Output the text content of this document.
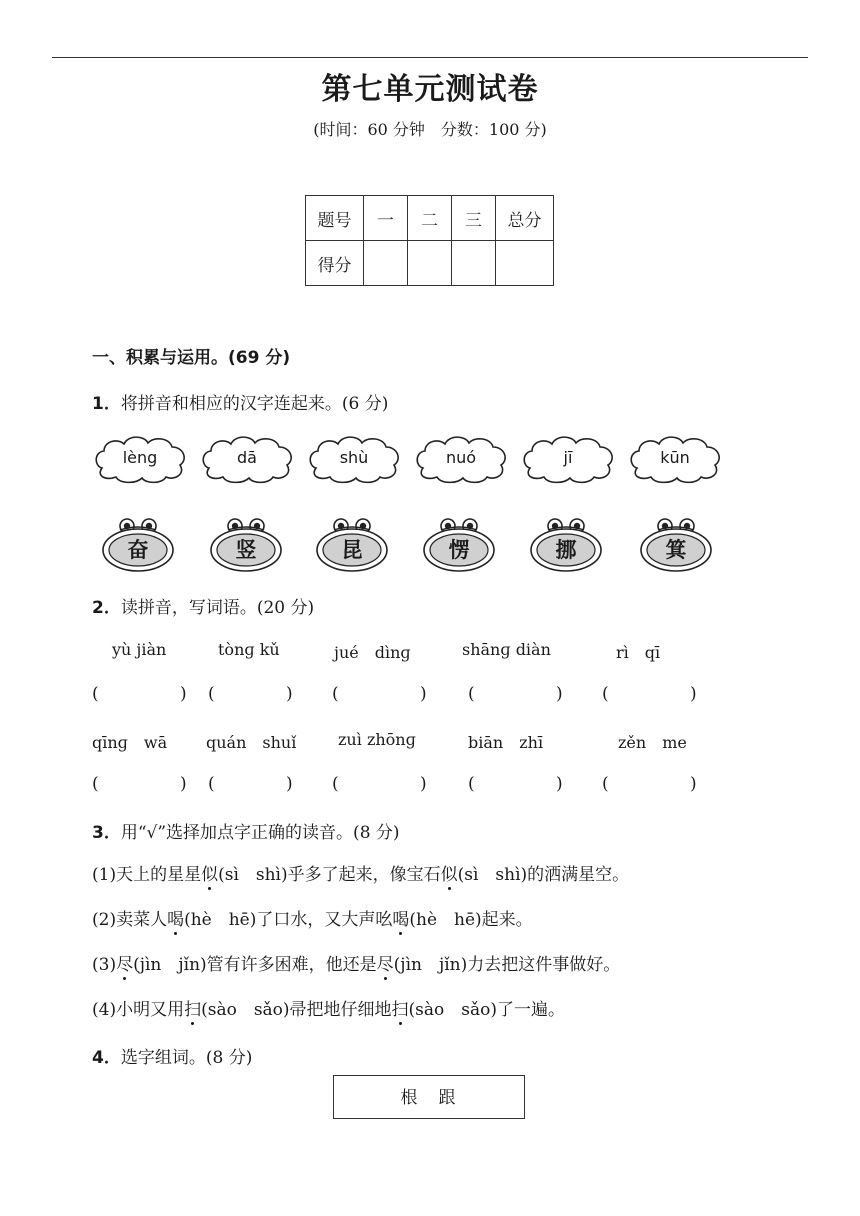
第七单元测试卷
(时间：60 分钟　分数：100 分)
题号	一	二	三	总分
得分				
一、积累与运用。(69 分)
1．将拼音和相应的汉字连起来。(6 分)
lèng	dā	shù	nuó	jī	kūn
奋	竖	昆	愣	挪	箕
2．读拼音，写词语。(20 分)
yù jiàn	tònɡ kǔ	jué　dìnɡ	shānɡ diàn	rì　qī
(	) (	) (	) (	) (	)
qīnɡ　wā quán　shuǐ	zuì zhōnɡ	biān　zhī	zěn　me
(	) (	) (	) (	) (	)
3．用“√”选择加点字正确的读音。(8 分)
(1)天上的星星似(sì　shì)乎多了起来，像宝石似(sì　shì)的洒满星空。
(2)卖菜人喝(hè　hē)了口水，又大声吆喝(hè　hē)起来。
(3)尽(jìn　jǐn)管有许多困难，他还是尽(jìn　jǐn)力去把这件事做好。
(4)小明又用扫(sào　sǎo)帚把地仔细地扫(sào　sǎo)了一遍。
4．选字组词。(8 分)
根　跟
